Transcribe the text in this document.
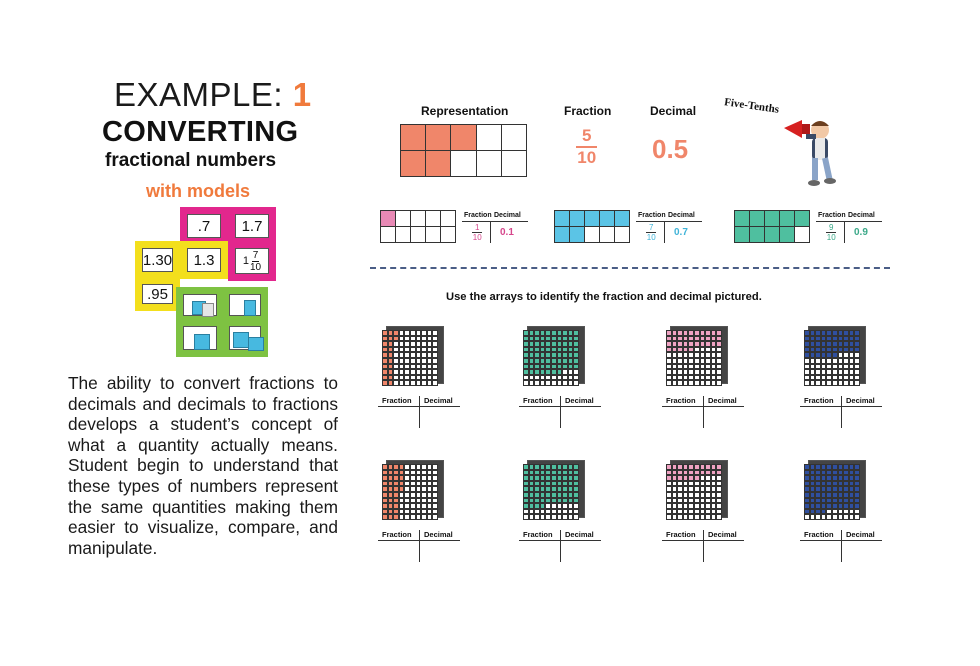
EXAMPLE: 1
CONVERTING
fractional numbers
with models
.7 1.7
1.30 1.3	$1 \frac{7}{10}$
.95
The ability to convert fractions to decimals and decimals to fractions develops a student’s concept of what a quantity actually means. Student begin to understand that these types of numbers represent the same quantities making them easier to visualize, compare, and manipulate.
Representation	Fraction	Decimal
$\frac{5}{10} 0.5$
Five-Tenths
Fraction Decimal
$\frac{1}{10} 0.1$
Fraction Decimal
$\frac{7}{10} 0.7$
Fraction Decimal
$\frac{9}{10} 0.9$
Use the arrays to identify the fraction and decimal pictured.
Fraction Decimal	Fraction Decimal	Fraction Decimal	Fraction Decimal
Fraction Decimal	Fraction Decimal	Fraction Decimal	Fraction Decimal
